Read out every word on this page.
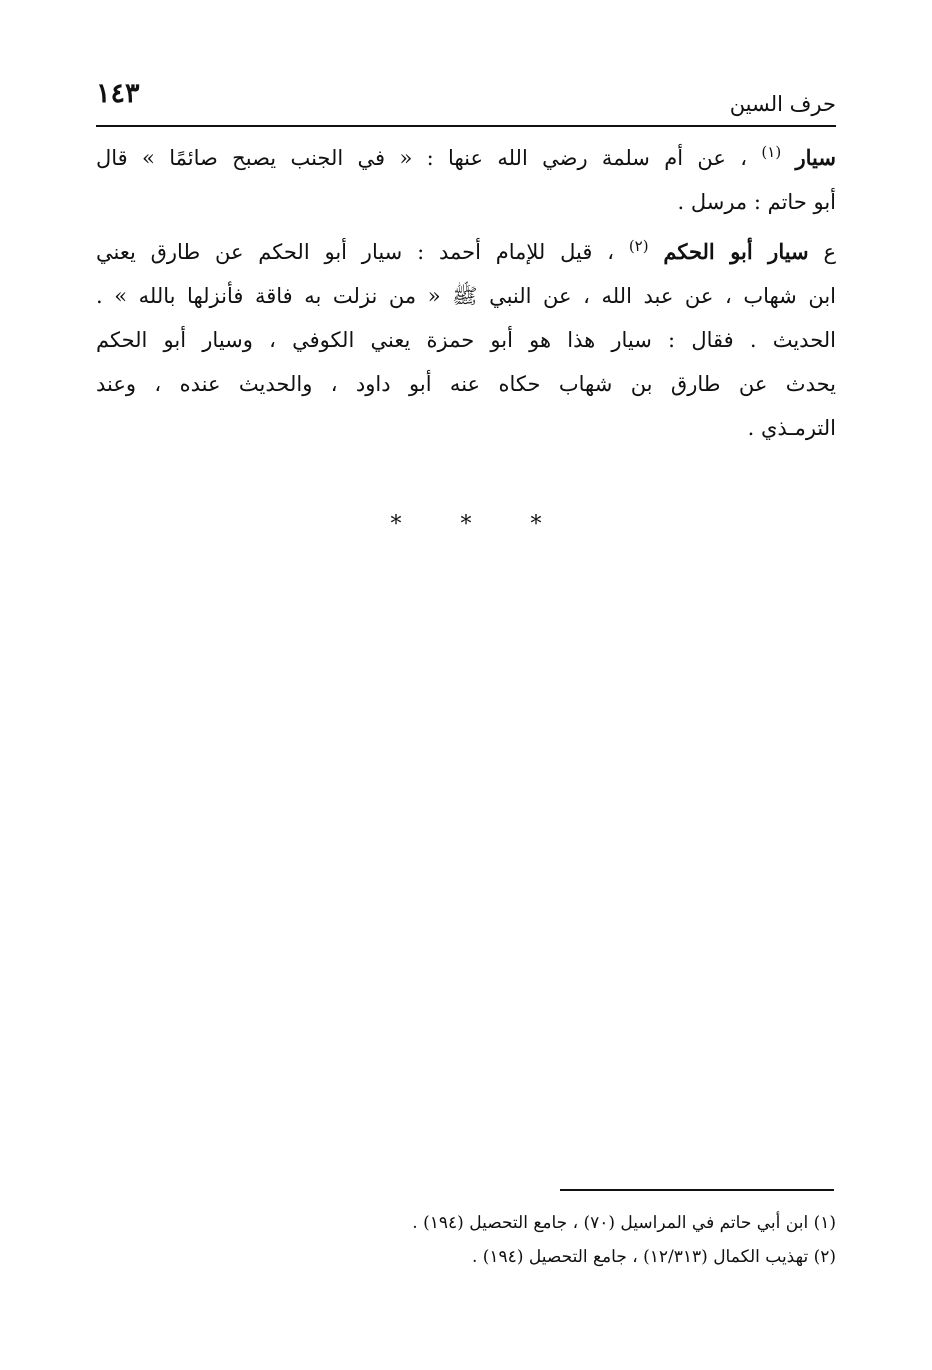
١٤٣	حرف السين
سيار $^{(١)}$ ، عن أم سلمة رضي الله عنها : « في الجنب يصبح صائمًا » قال
أبو حاتم : مرسل .
ع سيار أبو الحكم $^{(٢)}$ ، قيل للإمام أحمد : سيار أبو الحكم عن طارق يعني
ابن شهاب ، عن عبد الله ، عن النبي ﷺ « من نزلت به فاقة فأنزلها بالله » .
الحديث . فقال : سيار هذا هو أبو حمزة يعني الكوفي ، وسيار أبو الحكم
يحدث عن طارق بن شهاب حكاه عنه أبو داود ، والحديث عنده ، وعند
الترمـذي .
*	*	*
(١) ابن أبي حاتم في المراسيل (٧٠) ، جامع التحصيل (١٩٤) .
(٢) تهذيب الكمال (١٢/٣١٣) ، جامع التحصيل (١٩٤) .
